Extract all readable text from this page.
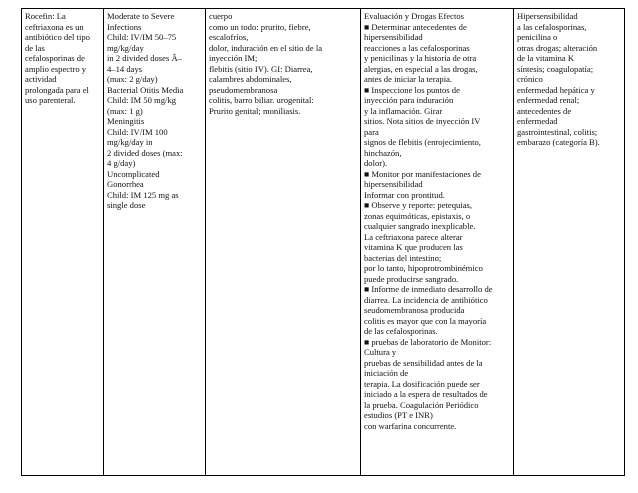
Rocefin: La
ceftriaxona es un
antibiótico del tipo
de las
cefalosporinas de
amplio espectro y
actividad
prolongada para el
uso parenteral.

Moderate to Severe
Infections
Child: IV/IM 50–75
mg/kg/day
in 2 divided doses Â–
4–14 days
(max: 2 g/day)
Bacterial Otitis Media
Child: IM 50 mg/kg
(max: 1 g)
Meningitis
Child: IV/IM 100
mg/kg/day in
2 divided doses (max:
4 g/day)
Uncomplicated
Gonorrhea
Child: IM 125 mg as
single dose

cuerpo
como un todo: prurito, fiebre,
escalofríos,
dolor, induración en el sitio de la
inyección IM;
flebitis (sitio IV). GI: Diarrea,
calambres abdominales,
pseudomembranosa
colitis, barro biliar. urogenital:
Prurito genital; moniliasis.

Evaluación y Drogas Efectos
■ Determinar antecedentes de
hipersensibilidad
reacciones a las cefalosporinas
y penicilinas y la historia de otra
alergias, en especial a las drogas,
antes de iniciar la terapia.
■ Inspeccione los puntos de
inyección para induración
y la inflamación. Girar
sitios. Nota sitios de inyección IV
para
signos de flebitis (enrojecimiento,
hinchazón,
dolor).
■ Monitor por manifestaciones de
hipersensibilidad
Informar con prontitud.
■ Observe y reporte: petequias,
zonas equimóticas, epistaxis, o
cualquier sangrado inexplicable.
La ceftriaxona parece alterar
vitamina K que producen las
bacterias del intestino;
por lo tanto, hipoprotrombinémico
puede producirse sangrado.
■ Informe de inmediato desarrollo de
diarrea. La incidencia de antibiótico
seudomembranosa producida
colitis es mayor que con la mayoría
de las cefalosporinas.
■ pruebas de laboratorio de Monitor:
Cultura y
pruebas de sensibilidad antes de la
iniciación de
terapia. La dosificación puede ser
iniciado a la espera de resultados de
la prueba. Coagulación Periódico
estudios (PT e INR)
con warfarina concurrente.

Hipersensibilidad
a las cefalosporinas,
penicilina o
otras drogas; alteración
de la vitamina K
síntesis; coagulopatía;
crónico
enfermedad hepática y
enfermedad renal;
antecedentes de
enfermedad
gastrointestinal, colitis;
embarazo (categoría B).
